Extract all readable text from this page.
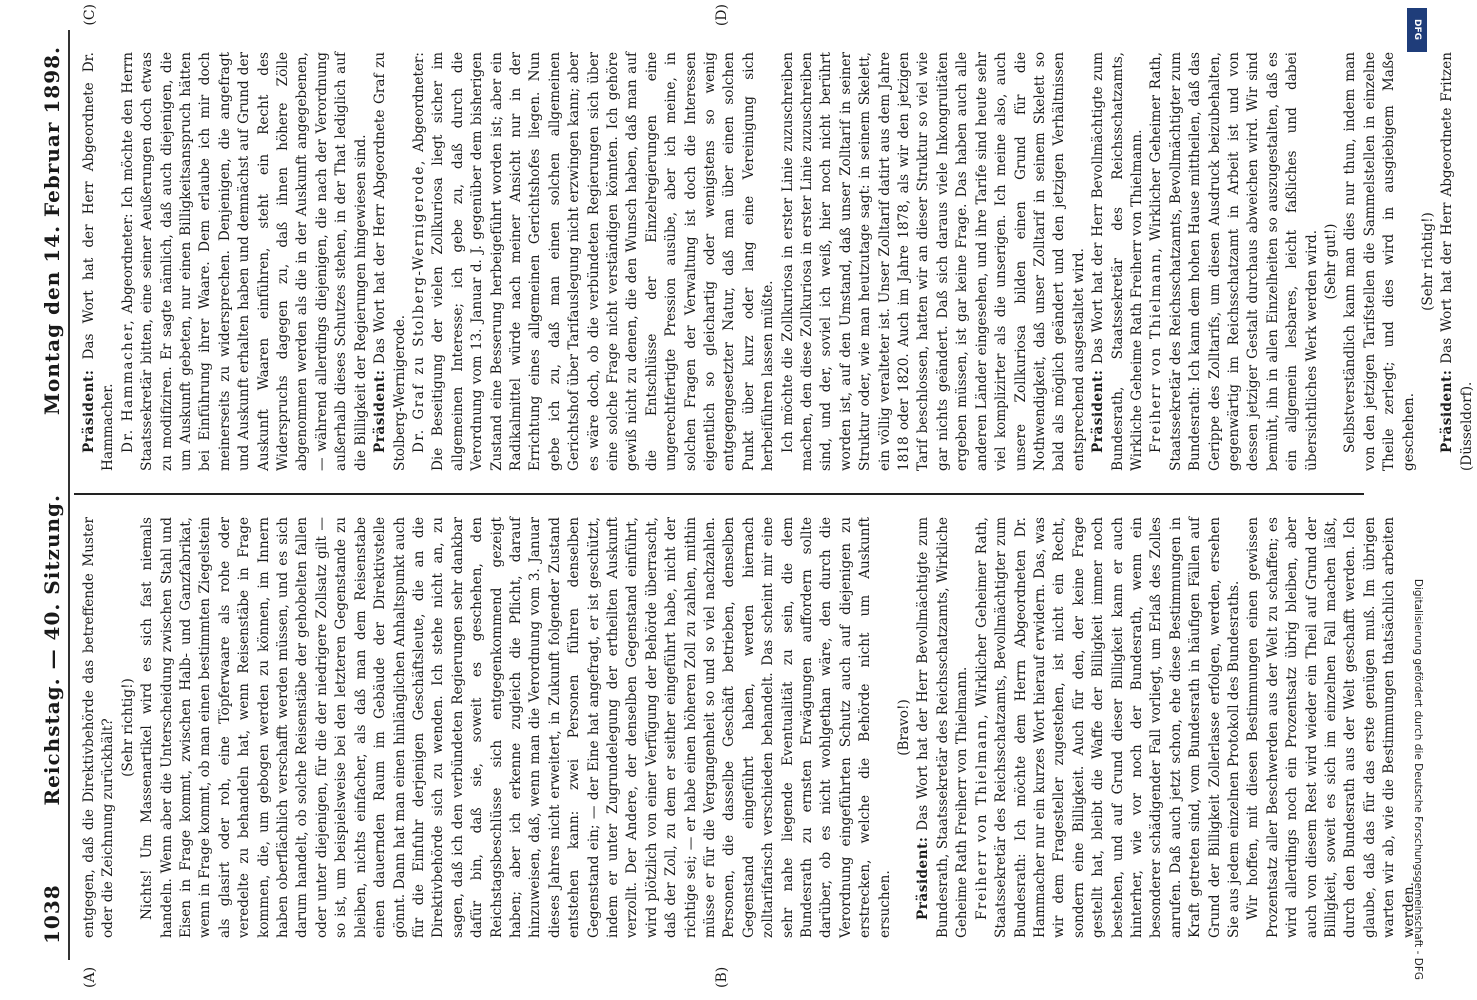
1038
Reichstag. — 40. Sitzung.
Montag den 14. Februar 1898.
(A)	(B)
(C)	(D)

entgegen, daß die Direktivbehörde das betreffende Muster oder die Zeichnung zurückhält? (Sehr richtig!) Nichts! Um Massenartikel wird es sich fast niemals handeln. Wenn aber die Unterscheidung zwischen Stahl und Eisen in Frage kommt, zwischen Halb- und Ganzfabrikat, wenn in Frage kommt, ob man einen bestimmten Ziegelstein als glasirt oder roh, eine Töpferwaare als rohe oder veredelte zu behandeln hat, wenn Reisenstäbe in Frage kommen, die, um gebogen werden zu können, im Innern haben oberflächlich verschafft werden müssen, und es sich darum handelt, ob solche Reisenstäbe der gehobelten fallen oder unter diejenigen, für die der niedrigere Zollsatz gilt — so ist, um beispielsweise bei den letzteren Gegenstande zu bleiben, nichts einfacher, als daß man dem Reisenstabe einen dauernden Raum im Gebäude der Direktivstelle gönnt. Dann hat man einen hinlänglichen Anhaltspunkt auch für die Einfuhr derjenigen Geschäftsleute, die an die Direktivbehörde sich zu wenden. Ich stehe nicht an, zu sagen, daß ich den verbündeten Regierungen sehr dankbar dafür bin, daß sie, soweit es geschehen, den Reichstagsbeschlüsse sich entgegenkommend gezeigt haben; aber ich erkenne zugleich die Pflicht, darauf hinzuweisen, daß, wenn man die Verordnung vom 3. Januar dieses Jahres nicht erweitert, in Zukunft folgender Zustand entstehen kann: zwei Personen führen denselben Gegenstand ein; — der Eine hat angefragt, er ist geschützt, indem er unter Zugrundelegung der ertheilten Auskunft verzollt. Der Andere, der denselben Gegenstand einführt, wird plötzlich von einer Verfügung der Behörde überrascht, daß der Zoll, zu dem er seither eingeführt habe, nicht der richtige sei; — er habe einen höheren Zoll zu zahlen, mithin müsse er für die Vergangenheit so und so viel nachzahlen. Personen, die dasselbe Geschäft betrieben, denselben Gegenstand eingeführt haben, werden hiernach zolltarifarisch verschieden behandelt. Das scheint mir eine sehr nahe liegende Eventualität zu sein, die dem Bundesrath zu ernsten Erwägungen auffordern sollte darüber, ob es nicht wohlgethan wäre, den durch die Verordnung eingeführten Schutz auch auf diejenigen zu erstrecken, welche die Behörde nicht um Auskunft ersuchen.

(Bravo!)

Präsident: Das Wort hat der Herr Bevollmächtigte zum Bundesrath, Staatssekretär des Reichsschatzamts, Wirkliche Geheime Rath Freiherr von Thielmann. Freiherr von Thielmann, Wirklicher Geheimer Rath, Staatssekretär des Reichsschatzamts, Bevollmächtigter zum Bundesrath: Ich möchte dem Herrn Abgeordneten Dr. Hammacher nur ein kurzes Wort hierauf erwidern. Das, was wir dem Fragesteller zugestehen, ist nicht ein Recht, sondern eine Billigkeit. Auch für den, der keine Frage gestellt hat, bleibt die Waffe der Billigkeit immer noch bestehen, und auf Grund dieser Billigkeit kann er auch hinterher, wie vor noch der Bundesrath, wenn ein besonderer schädigender Fall vorliegt, um Erlaß des Zolles anrufen. Daß auch jetzt schon, ehe diese Bestimmungen in Kraft getreten sind, vom Bundesrath in häufigen Fällen auf Grund der Billigkeit Zollerlasse erfolgen, werden, ersehen Sie aus jedem einzelnen Protokoll des Bundesraths. Wir hoffen, mit diesen Bestimmungen einen gewissen Prozentsatz aller Beschwerden aus der Welt zu schaffen; es wird allerdings noch ein Prozentsatz übrig bleiben, aber auch von diesem Rest wird wieder ein Theil auf Grund der Billigkeit, soweit es sich im einzelnen Fall machen läßt, durch den Bundesrath aus der Welt geschafft werden. Ich glaube, daß das für das erste genügen muß. Im übrigen warten wir ab, wie die Bestimmungen thatsächlich arbeiten werden.

Präsident: Das Wort hat der Herr Abgeordnete Dr. Hammacher. Dr. Hammacher, Abgeordneter: Ich möchte den Herrn Staatssekretär bitten, eine seiner Aeußerungen doch etwas zu modifiziren. Er sagte nämlich, daß auch diejenigen, die um Auskunft gebeten, nur einen Billigkeitsanspruch hätten bei Einführung ihrer Waare. Dem erlaube ich mir doch meinerseits zu widersprechen. Denjenigen, die angefragt und Auskunft erhalten haben und demnächst auf Grund der Auskunft Waaren einführen, steht ein Recht des Widerspruchs dagegen zu, daß ihnen höhere Zölle abgenommen werden als die in der Auskunft angegebenen, — während allerdings diejenigen, die nach der Verordnung außerhalb dieses Schutzes stehen, in der That lediglich auf die Billigkeit der Regierungen hingewiesen sind. Präsident: Das Wort hat der Herr Abgeordnete Graf zu Stolberg-Wernigerode. Dr. Graf zu Stolberg-Wernigerode, Abgeordneter: Die Beseitigung der vielen Zollkuriosa liegt sicher im allgemeinen Interesse; ich gebe zu, daß durch die Verordnung vom 13. Januar d. J. gegenüber dem bisherigen Zustand eine Besserung herbeigeführt worden ist; aber ein Radikalmittel würde nach meiner Ansicht nur in der Errichtung eines allgemeinen Gerichtshofes liegen. Nun gebe ich zu, daß man einen solchen allgemeinen Gerichtshof über Tarifauslegung nicht erzwingen kann; aber es wäre doch, ob die verbündeten Regierungen sich über eine solche Frage nicht verständigen könnten. Ich gehöre gewiß nicht zu denen, die den Wunsch haben, daß man auf die Entschlüsse der Einzelregierungen eine ungerechtfertigte Pression ausübe, aber ich meine, in solchen Fragen der Verwaltung ist doch die Interessen eigentlich so gleichartig oder wenigstens so wenig entgegengesetzter Natur, daß man über einen solchen Punkt über kurz oder lang eine Vereinigung sich herbeiführen lassen müßte. Ich möchte die Zollkuriosa in erster Linie zuzuschreiben machen, den diese Zollkuriosa in erster Linie zuzuschreiben sind, und der, soviel ich weiß, hier noch nicht berührt worden ist, auf den Umstand, daß unser Zolltarif in seiner Struktur oder, wie man heutzutage sagt: in seinem Skelett, ein völlig veralteter ist. Unser Zolltarif datirt aus dem Jahre 1818 oder 1820. Auch im Jahre 1878, als wir den jetzigen Tarif beschlossen, hatten wir an dieser Struktur so viel wie gar nichts geändert. Daß sich daraus viele Inkongruitäten ergeben müssen, ist gar keine Frage. Das haben auch alle anderen Länder eingesehen, und ihre Tarife sind heute sehr viel komplizirter als die unserigen. Ich meine also, auch unsere Zollkuriosa bilden einen Grund für die Nothwendigkeit, daß unser Zolltarif in seinem Skelett so bald als möglich geändert und den jetzigen Verhältnissen entsprechend ausgestaltet wird. Präsident: Das Wort hat der Herr Bevollmächtigte zum Bundesrath, Staatssekretär des Reichsschatzamts, Wirkliche Geheime Rath Freiherr von Thielmann. Freiherr von Thielmann, Wirklicher Geheimer Rath, Staatssekretär des Reichsschatzamts, Bevollmächtigter zum Bundesrath: Ich kann dem hohen Hause mittheilen, daß das Gerippe des Zolltarifs, um diesen Ausdruck beizubehalten, gegenwärtig im Reichsschatzamt in Arbeit ist und von dessen jetziger Gestalt durchaus abweichen wird. Wir sind bemüht, ihn in allen Einzelheiten so auszugestalten, daß es ein allgemein lesbares, leicht faßliches und dabei übersichtliches Werk werden wird. (Sehr gut!) Selbstverständlich kann man dies nur thun, indem man von den jetzigen Tarifstellen die Sammelstellen in einzelne Theile zerlegt; und dies wird in ausgiebigem Maße geschehen.

(Sehr richtig!)

Präsident: Das Wort hat der Herr Abgeordnete Fritzen (Düsseldorf).

Digitalisierung gefördert durch die Deutsche Forschungsgemeinschaft - DFG
DFG
